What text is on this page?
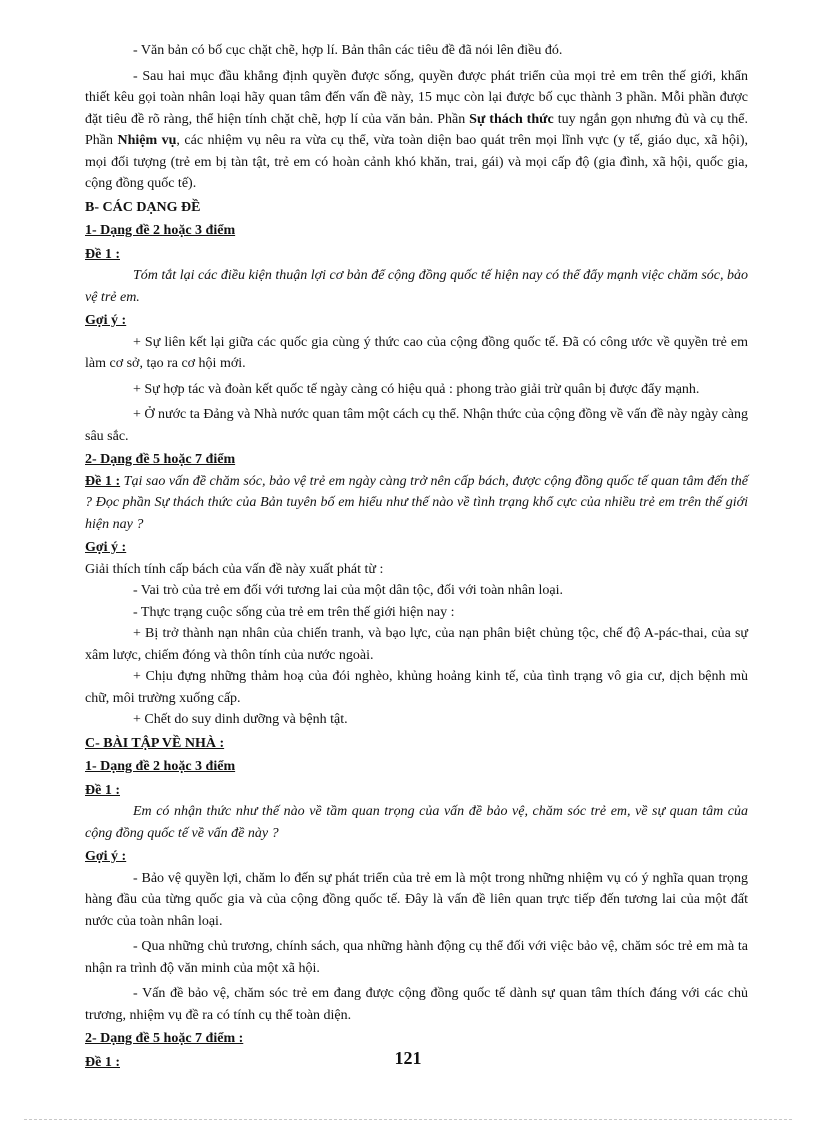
- Văn bản có bố cục chặt chẽ, hợp lí. Bản thân các tiêu đề đã nói lên điều đó.

- Sau hai mục đầu khẳng định quyền được sống, quyền được phát triển của mọi trẻ em trên thế giới, khẩn thiết kêu gọi toàn nhân loại hãy quan tâm đến vấn đề này, 15 mục còn lại được bố cục thành 3 phần. Mỗi phần được đặt tiêu đề rõ ràng, thể hiện tính chặt chẽ, hợp lí của văn bản. Phần Sự thách thức tuy ngắn gọn nhưng đủ và cụ thể. Phần Nhiệm vụ, các nhiệm vụ nêu ra vừa cụ thể, vừa toàn diện bao quát trên mọi lĩnh vực (y tế, giáo dục, xã hội), mọi đối tượng (trẻ em bị tàn tật, trẻ em có hoàn cảnh khó khăn, trai, gái) và mọi cấp độ (gia đình, xã hội, quốc gia, cộng đồng quốc tế).

B- CÁC DẠNG ĐỀ

1- Dạng đề 2 hoặc 3 điểm

Đề 1 :

Tóm tắt lại các điều kiện thuận lợi cơ bản để cộng đồng quốc tế hiện nay có thể đẩy mạnh việc chăm sóc, bảo vệ trẻ em.

Gợi ý :

+ Sự liên kết lại giữa các quốc gia cùng ý thức cao của cộng đồng quốc tế. Đã có công ước về quyền trẻ em làm cơ sở, tạo ra cơ hội mới.

+ Sự hợp tác và đoàn kết quốc tế ngày càng có hiệu quả : phong trào giải trừ quân bị được đẩy mạnh.

+ Ở nước ta Đảng và Nhà nước quan tâm một cách cụ thể. Nhận thức của cộng đồng về vấn đề này ngày càng sâu sắc.

2- Dạng đề 5 hoặc 7 điểm

Đề 1 : Tại sao vấn đề chăm sóc, bảo vệ trẻ em ngày càng trở nên cấp bách, được cộng đồng quốc tế quan tâm đến thế ? Đọc phần Sự thách thức của Bản tuyên bố em hiểu như thế nào về tình trạng khổ cực của nhiều trẻ em trên thế giới hiện nay ?

Gợi ý :

Giải thích tính cấp bách của vấn đề này xuất phát từ :

- Vai trò của trẻ em đối với tương lai của một dân tộc, đối với toàn nhân loại.

- Thực trạng cuộc sống của trẻ em trên thế giới hiện nay :

+ Bị trở thành nạn nhân của chiến tranh, và bạo lực, của nạn phân biệt chủng tộc, chế độ A-pác-thai, của sự xâm lược, chiếm đóng và thôn tính của nước ngoài.

+ Chịu đựng những thảm hoạ của đói nghèo, khủng hoảng kinh tế, của tình trạng vô gia cư, dịch bệnh mù chữ, môi trường xuống cấp.

+ Chết do suy dinh dưỡng và bệnh tật.

C- BÀI TẬP VỀ NHÀ :

1- Dạng đề 2 hoặc 3 điểm

Đề 1 :

Em có nhận thức như thế nào về tầm quan trọng của vấn đề bảo vệ, chăm sóc trẻ em, về sự quan tâm của cộng đồng quốc tế về vấn đề này ?

Gợi ý :

- Bảo vệ quyền lợi, chăm lo đến sự phát triển của trẻ em là một trong những nhiệm vụ có ý nghĩa quan trọng hàng đầu của từng quốc gia và của cộng đồng quốc tế. Đây là vấn đề liên quan trực tiếp đến tương lai của một đất nước của toàn nhân loại.

- Qua những chủ trương, chính sách, qua những hành động cụ thể đối với việc bảo vệ, chăm sóc trẻ em mà ta nhận ra trình độ văn minh của một xã hội.

- Vấn đề bảo vệ, chăm sóc trẻ em đang được cộng đồng quốc tế dành sự quan tâm thích đáng với các chủ trương, nhiệm vụ đề ra có tính cụ thể toàn diện.

2- Dạng đề 5 hoặc 7 điểm :

Đề 1 :	121
